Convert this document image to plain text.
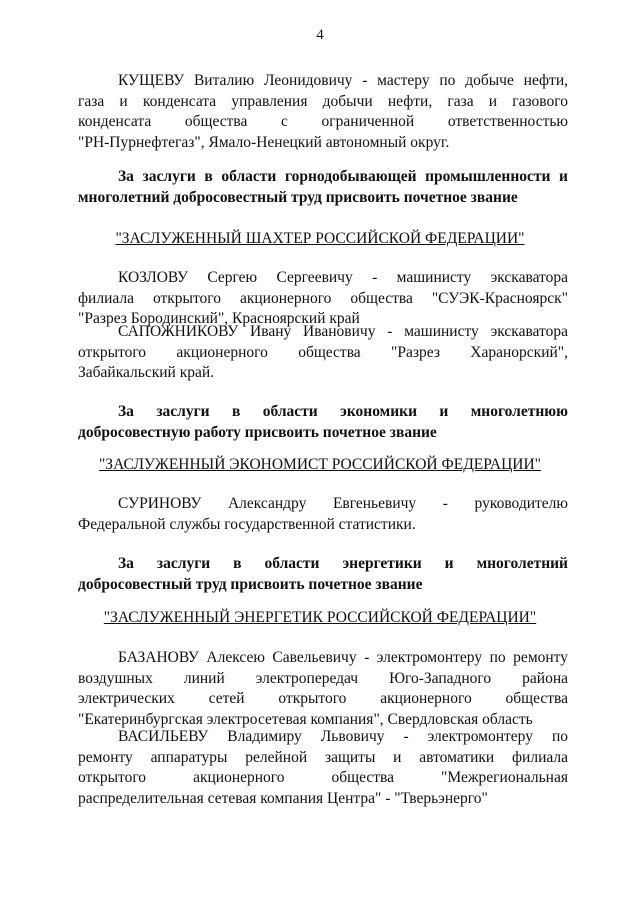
4
КУЩЕВУ Виталию Леонидовичу - мастеру по добыче нефти,
газа и конденсата управления добычи нефти, газа и газового
конденсата общества с ограниченной ответственностью
"РН-Пурнефтегаз", Ямало-Ненецкий автономный округ.
За заслуги в области горнодобывающей промышленности и
многолетний добросовестный труд присвоить почетное звание
"ЗАСЛУЖЕННЫЙ ШАХТЕР РОССИЙСКОЙ ФЕДЕРАЦИИ"
КОЗЛОВУ Сергею Сергеевичу - машинисту экскаватора
филиала открытого акционерного общества "СУЭК-Красноярск"
"Разрез Бородинский", Красноярский край
САПОЖНИКОВУ Ивану Ивановичу - машинисту экскаватора
открытого акционерного общества "Разрез Харанорский",
Забайкальский край.
За заслуги в области экономики и многолетнюю
добросовестную работу присвоить почетное звание
"ЗАСЛУЖЕННЫЙ ЭКОНОМИСТ РОССИЙСКОЙ ФЕДЕРАЦИИ"
СУРИНОВУ Александру Евгеньевичу - руководителю
Федеральной службы государственной статистики.
За заслуги в области энергетики и многолетний
добросовестный труд присвоить почетное звание
"ЗАСЛУЖЕННЫЙ ЭНЕРГЕТИК РОССИЙСКОЙ ФЕДЕРАЦИИ"
БАЗАНОВУ Алексею Савельевичу - электромонтеру по ремонту
воздушных линий электропередач Юго-Западного района
электрических сетей открытого акционерного общества
"Екатеринбургская электросетевая компания", Свердловская область
ВАСИЛЬЕВУ Владимиру Львовичу - электромонтеру по
ремонту аппаратуры релейной защиты и автоматики филиала
открытого акционерного общества "Межрегиональная
распределительная сетевая компания Центра" - "Тверьэнерго"
